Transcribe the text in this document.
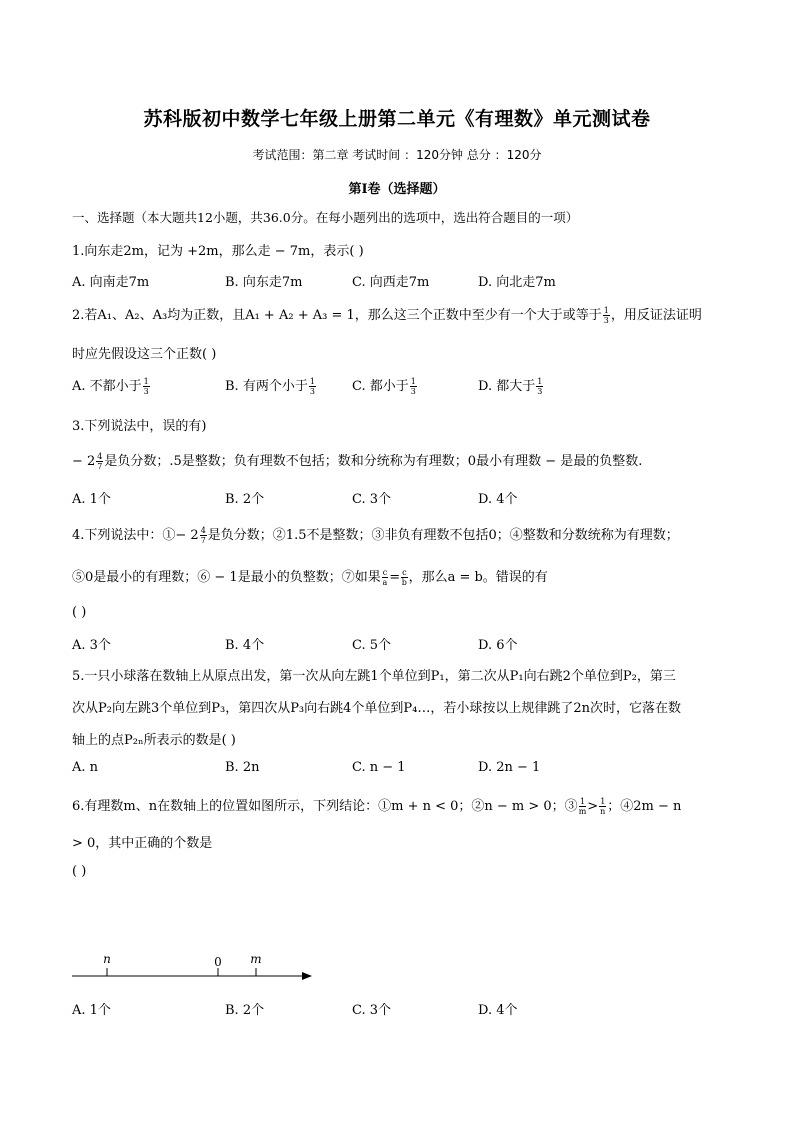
苏科版初中数学七年级上册第二单元《有理数》单元测试卷
考试范围：第二章 考试时间 ：120分钟 总分 ：120分
第I卷（选择题）
一、选择题（本大题共12小题，共36.0分。在每小题列出的选项中，选出符合题目的一项）
1.向东走2m，记为 +2m，那么走 − 7m，表示( )
A. 向南走7m	B. 向东走7m	C. 向西走7m	D. 向北走7m
2.若A₁、A₂、A₃均为正数，且A₁ + A₂ + A₃ = 1，那么这三个正数中至少有一个大于或等于 $\frac{1}{3}$ ，用反证法证明
时应先假设这三个正数( )
A. 不都小于 $\frac{1}{3}$	B. 有两个小于 $\frac{1}{3}$	C. 都小于 $\frac{1}{3}$	D. 都大于 $\frac{1}{3}$
3.下列说法中，误的有)
− $2 \frac{4}{7}$ 是负分数；.5是整数；负有理数不包括；数和分统称为有理数；0最小有理数 − 是最的负整数.
A. 1个	B. 2个	C. 3个	D. 4个
4.下列说法中：①− $2 \frac{4}{7}$ 是负分数；②1.5不是整数；③非负有理数不包括0；④整数和分数统称为有理数；
⑤0是最小的有理数；⑥ − 1是最小的负整数；⑦如果 $\frac{c}{a} = \frac{c}{b}$ ，那么a = b。错误的有
( )
A. 3个	B. 4个	C. 5个	D. 6个
5.一只小球落在数轴上从原点出发，第一次从向左跳1个单位到P₁，第二次从P₁向右跳2个单位到P₂，第三
次从P₂向左跳3个单位到P₃，第四次从P₃向右跳4个单位到P₄…，若小球按以上规律跳了2n次时，它落在数
轴上的点P₂ₙ所表示的数是( )
A. n	B. 2n	C. n − 1	D. 2n − 1
6.有理数m、n在数轴上的位置如图所示，下列结论：①m + n < 0；②n − m > 0；③ $\frac{1}{m} > \frac{1}{n}$ ；④2m − n
> 0，其中正确的个数是
( )
n	0 m
A. 1个	B. 2个	C. 3个	D. 4个
